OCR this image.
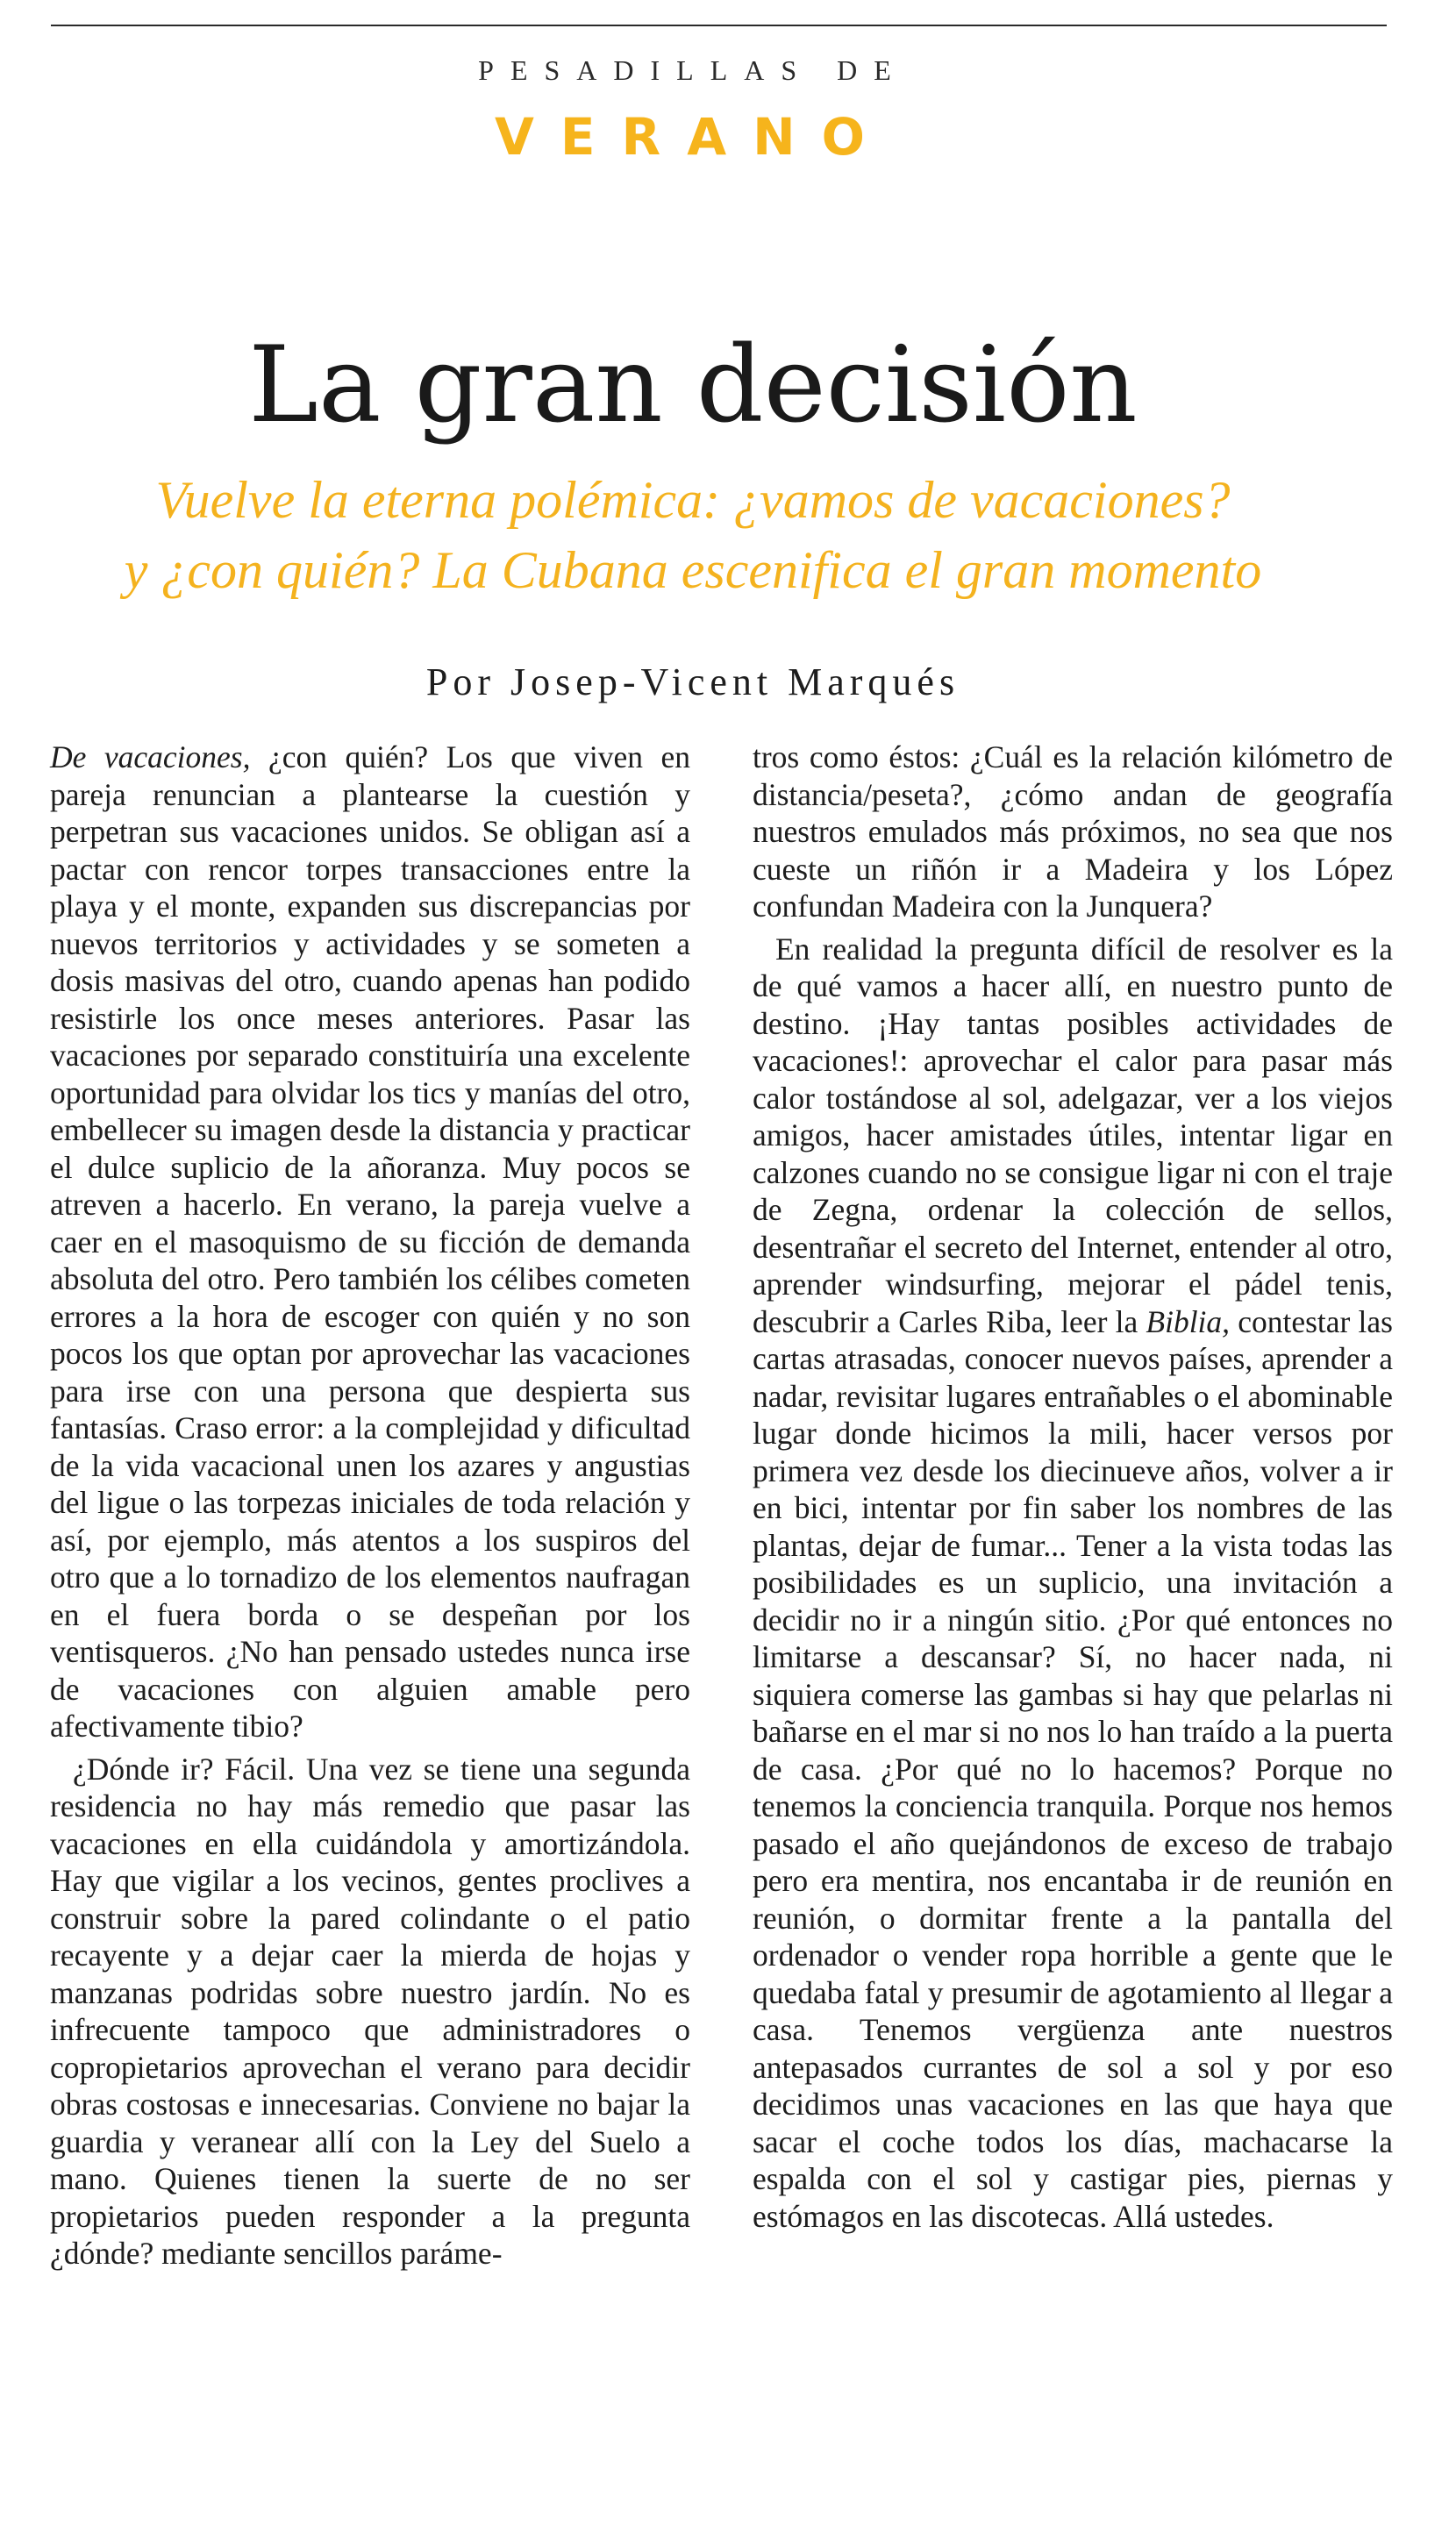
PESADILLAS DE
VERANO
La gran decisión
Vuelve la eterna polémica: ¿vamos de vacaciones?
y ¿con quién? La Cubana escenifica el gran momento
Por Josep-Vicent Marqués

De vacaciones, ¿con quién? Los que viven en pareja renuncian a plantearse la cuestión y perpetran sus vacaciones unidos. Se obligan así a pactar con rencor torpes transacciones entre la playa y el monte, expanden sus discrepancias por nuevos territorios y actividades y se someten a dosis masivas del otro, cuando apenas han podido resistirle los once meses anteriores. Pasar las vacaciones por separado constituiría una excelente oportunidad para olvidar los tics y manías del otro, embellecer su imagen desde la distancia y practicar el dulce suplicio de la añoranza. Muy pocos se atreven a hacerlo. En verano, la pareja vuelve a caer en el masoquismo de su ficción de demanda absoluta del otro. Pero también los célibes cometen errores a la hora de escoger con quién y no son pocos los que optan por aprovechar las vacaciones para irse con una persona que despierta sus fantasías. Craso error: a la complejidad y dificultad de la vida vacacional unen los azares y angustias del ligue o las torpezas iniciales de toda relación y así, por ejemplo, más atentos a los suspiros del otro que a lo tornadizo de los elementos naufragan en el fuera borda o se despeñan por los ventisqueros. ¿No han pensado ustedes nunca irse de vacaciones con alguien amable pero afectivamente tibio?

¿Dónde ir? Fácil. Una vez se tiene una segunda residencia no hay más remedio que pasar las vacaciones en ella cuidándola y amortizándola. Hay que vigilar a los vecinos, gentes proclives a construir sobre la pared colindante o el patio recayente y a dejar caer la mierda de hojas y manzanas podridas sobre nuestro jardín. No es infrecuente tampoco que administradores o copropietarios aprovechan el verano para decidir obras costosas e innecesarias. Conviene no bajar la guardia y veranear allí con la Ley del Suelo a mano. Quienes tienen la suerte de no ser propietarios pueden responder a la pregunta ¿dónde? mediante sencillos paráme-

tros como éstos: ¿Cuál es la relación kilómetro de distancia/peseta?, ¿cómo andan de geografía nuestros emulados más próximos, no sea que nos cueste un riñón ir a Madeira y los López confundan Madeira con la Junquera?

En realidad la pregunta difícil de resolver es la de qué vamos a hacer allí, en nuestro punto de destino. ¡Hay tantas posibles actividades de vacaciones!: aprovechar el calor para pasar más calor tostándose al sol, adelgazar, ver a los viejos amigos, hacer amistades útiles, intentar ligar en calzones cuando no se consigue ligar ni con el traje de Zegna, ordenar la colección de sellos, desentrañar el secreto del Internet, entender al otro, aprender windsurfing, mejorar el pádel tenis, descubrir a Carles Riba, leer la Biblia, contestar las cartas atrasadas, conocer nuevos países, aprender a nadar, revisitar lugares entrañables o el abominable lugar donde hicimos la mili, hacer versos por primera vez desde los diecinueve años, volver a ir en bici, intentar por fin saber los nombres de las plantas, dejar de fumar... Tener a la vista todas las posibilidades es un suplicio, una invitación a decidir no ir a ningún sitio. ¿Por qué entonces no limitarse a descansar? Sí, no hacer nada, ni siquiera comerse las gambas si hay que pelarlas ni bañarse en el mar si no nos lo han traído a la puerta de casa. ¿Por qué no lo hacemos? Porque no tenemos la conciencia tranquila. Porque nos hemos pasado el año quejándonos de exceso de trabajo pero era mentira, nos encantaba ir de reunión en reunión, o dormitar frente a la pantalla del ordenador o vender ropa horrible a gente que le quedaba fatal y presumir de agotamiento al llegar a casa. Tenemos vergüenza ante nuestros antepasados currantes de sol a sol y por eso decidimos unas vacaciones en las que haya que sacar el coche todos los días, machacarse la espalda con el sol y castigar pies, piernas y estómagos en las discotecas. Allá ustedes.
